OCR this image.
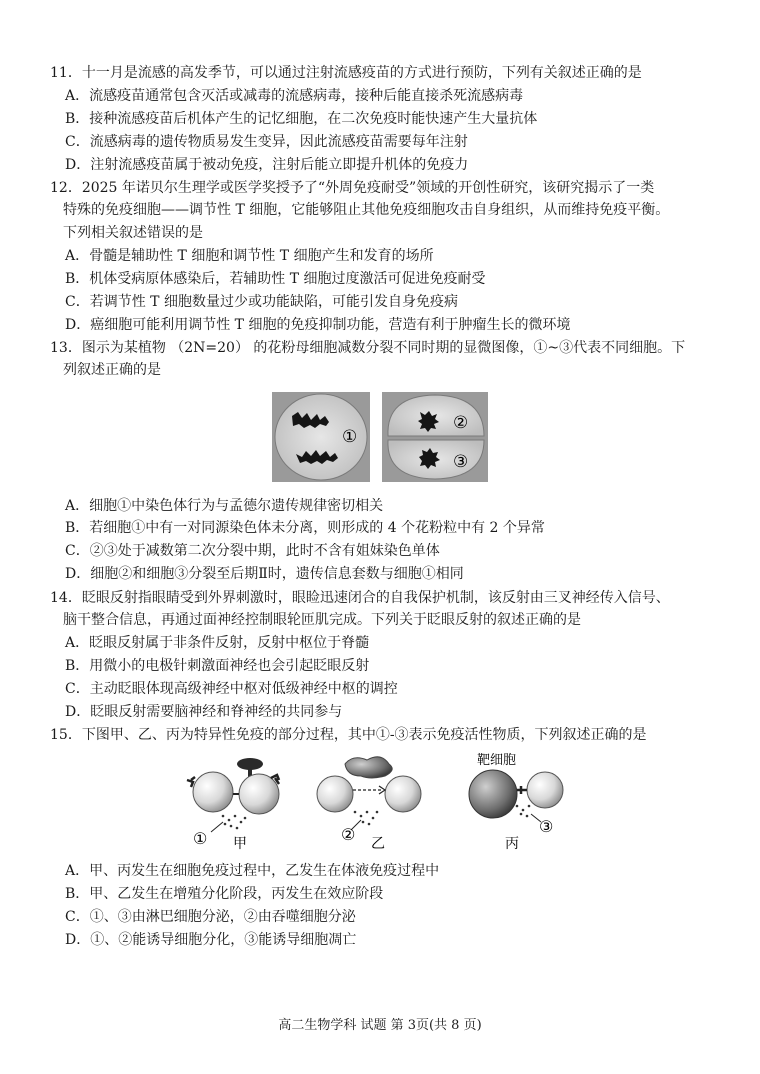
11．十一月是流感的高发季节，可以通过注射流感疫苗的方式进行预防，下列有关叙述正确的是
A．流感疫苗通常包含灭活或减毒的流感病毒，接种后能直接杀死流感病毒
B．接种流感疫苗后机体产生的记忆细胞，在二次免疫时能快速产生大量抗体
C．流感病毒的遗传物质易发生变异，因此流感疫苗需要每年注射
D．注射流感疫苗属于被动免疫，注射后能立即提升机体的免疫力
12．2025 年诺贝尔生理学或医学奖授予了“外周免疫耐受”领域的开创性研究，该研究揭示了一类
特殊的免疫细胞——调节性 T 细胞，它能够阻止其他免疫细胞攻击自身组织，从而维持免疫平衡。
下列相关叙述错误的是
A．骨髓是辅助性 T 细胞和调节性 T 细胞产生和发育的场所
B．机体受病原体感染后，若辅助性 T 细胞过度激活可促进免疫耐受
C．若调节性 T 细胞数量过少或功能缺陷，可能引发自身免疫病
D．癌细胞可能利用调节性 T 细胞的免疫抑制功能，营造有利于肿瘤生长的微环境
13．图示为某植物 （2N=20） 的花粉母细胞减数分裂不同时期的显微图像，①~③代表不同细胞。下
列叙述正确的是
①
②
③
A．细胞①中染色体行为与孟德尔遗传规律密切相关
B．若细胞①中有一对同源染色体未分离，则形成的 4 个花粉粒中有 2 个异常
C．②③处于减数第二次分裂中期，此时不含有姐妹染色单体
D．细胞②和细胞③分裂至后期Ⅱ时，遗传信息套数与细胞①相同
14．眨眼反射指眼睛受到外界刺激时，眼睑迅速闭合的自我保护机制，该反射由三叉神经传入信号、
脑干整合信息，再通过面神经控制眼轮匝肌完成。下列关于眨眼反射的叙述正确的是
A．眨眼反射属于非条件反射，反射中枢位于脊髓
B．用微小的电极针刺激面神经也会引起眨眼反射
C．主动眨眼体现高级神经中枢对低级神经中枢的调控
D．眨眼反射需要脑神经和脊神经的共同参与
15．下图甲、乙、丙为特异性免疫的部分过程，其中①-③表示免疫活性物质，下列叙述正确的是
① 甲	② 乙
靶细胞
③
丙
A．甲、丙发生在细胞免疫过程中，乙发生在体液免疫过程中
B．甲、乙发生在增殖分化阶段，丙发生在效应阶段
C．①、③由淋巴细胞分泌，②由吞噬细胞分泌
D．①、②能诱导细胞分化，③能诱导细胞凋亡
高二生物学科 试题 第 3页(共 8 页)
